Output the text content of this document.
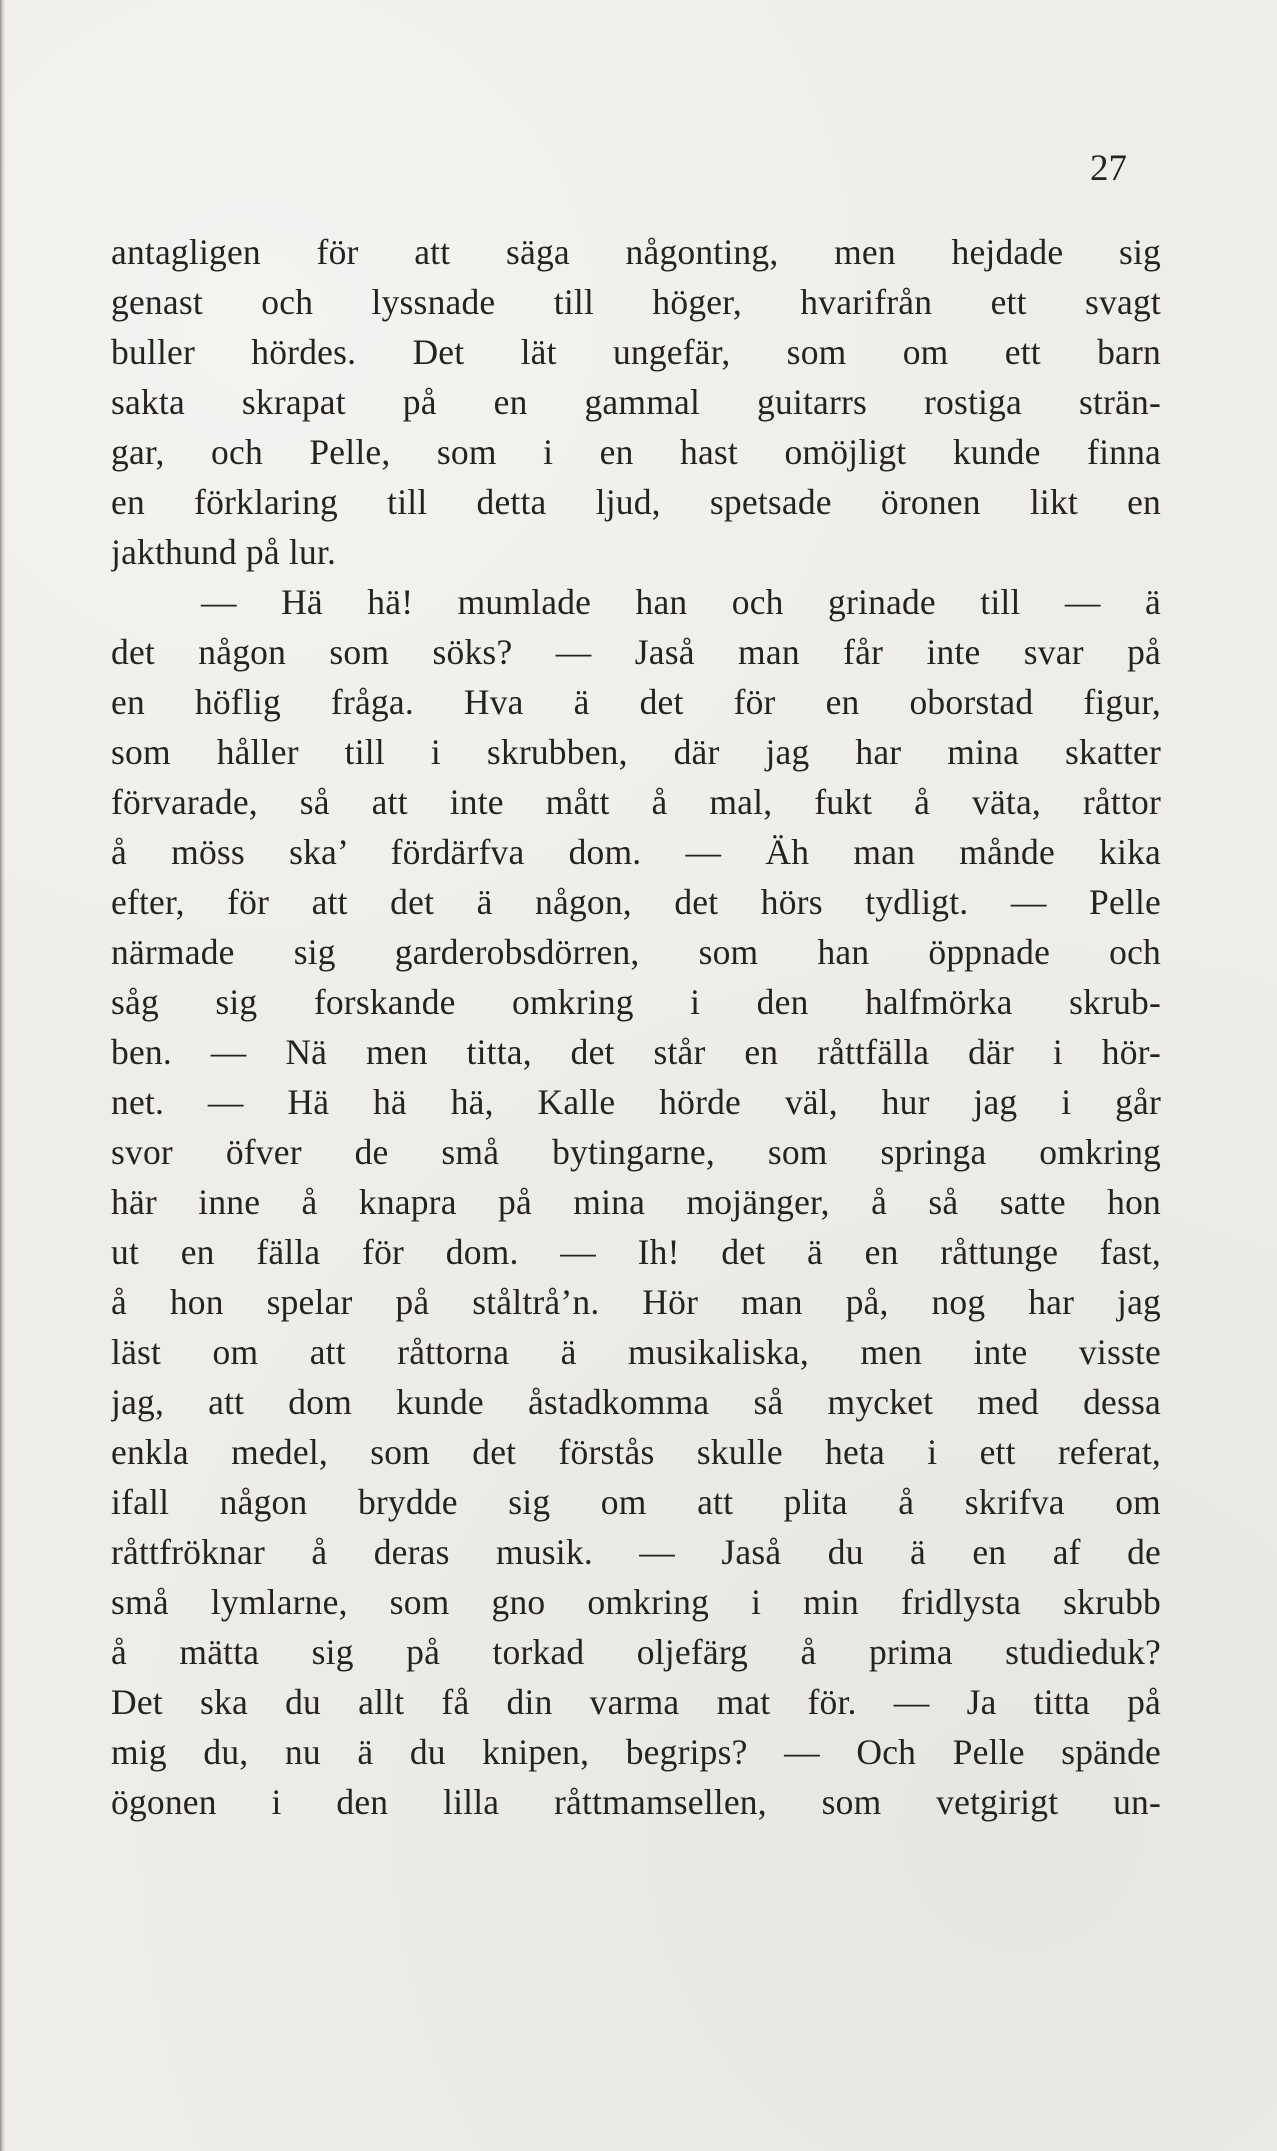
27
antagligen för att säga någonting, men hejdade sig
genast och lyssnade till höger, hvarifrån ett svagt
buller hördes. Det lät ungefär, som om ett barn
sakta skrapat på en gammal guitarrs rostiga strän-
gar, och Pelle, som i en hast omöjligt kunde finna
en förklaring till detta ljud, spetsade öronen likt en
jakthund på lur.
— Hä hä! mumlade han och grinade till — ä
det någon som söks? — Jaså man får inte svar på
en höflig fråga. Hva ä det för en oborstad figur,
som håller till i skrubben, där jag har mina skatter
förvarade, så att inte mått å mal, fukt å väta, råttor
å möss ska’ fördärfva dom. — Äh man månde kika
efter, för att det ä någon, det hörs tydligt. — Pelle
närmade sig garderobsdörren, som han öppnade och
såg sig forskande omkring i den halfmörka skrub-
ben. — Nä men titta, det står en råttfälla där i hör-
net. — Hä hä hä, Kalle hörde väl, hur jag i går
svor öfver de små bytingarne, som springa omkring
här inne å knapra på mina mojänger, å så satte hon
ut en fälla för dom. — Ih! det ä en råttunge fast,
å hon spelar på ståltrå’n. Hör man på, nog har jag
läst om att råttorna ä musikaliska, men inte visste
jag, att dom kunde åstadkomma så mycket med dessa
enkla medel, som det förstås skulle heta i ett referat,
ifall någon brydde sig om att plita å skrifva om
råttfröknar å deras musik. — Jaså du ä en af de
små lymlarne, som gno omkring i min fridlysta skrubb
å mätta sig på torkad oljefärg å prima studieduk?
Det ska du allt få din varma mat för. — Ja titta på
mig du, nu ä du knipen, begrips? — Och Pelle spände
ögonen i den lilla råttmamsellen, som vetgirigt un-
